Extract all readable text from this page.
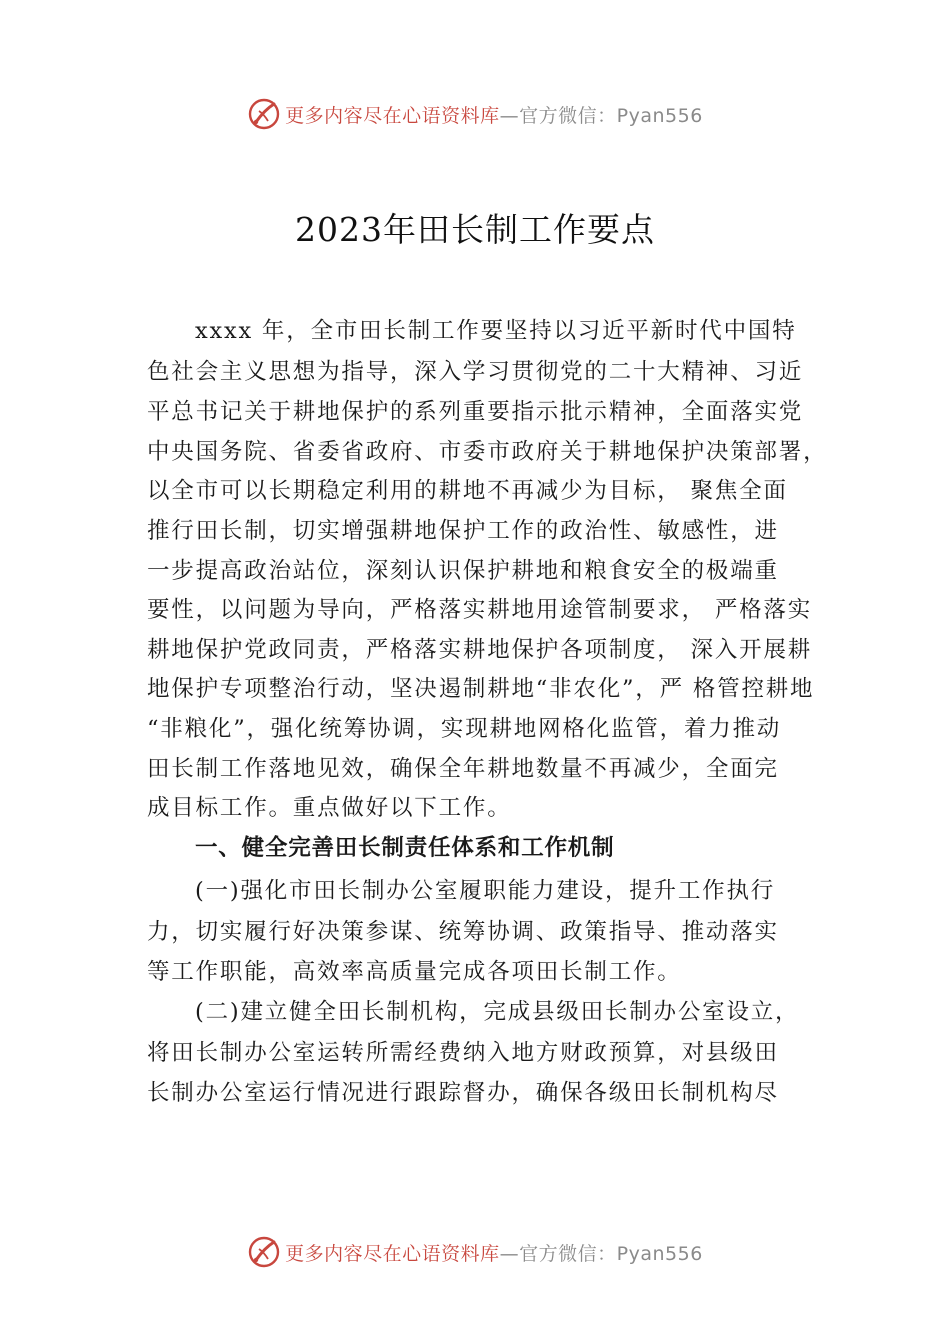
更多内容尽在心语资料库—官方微信：Pyan556
2023年田长制工作要点
xxxx 年，全市田长制工作要坚持以习近平新时代中国特
色社会主义思想为指导，深入学习贯彻党的二十大精神、习近
平总书记关于耕地保护的系列重要指示批示精神，全面落实党
中央国务院、省委省政府、市委市政府关于耕地保护决策部署，
以全市可以长期稳定利用的耕地不再减少为目标， 聚焦全面
推行田长制，切实增强耕地保护工作的政治性、敏感性，进
一步提高政治站位，深刻认识保护耕地和粮食安全的极端重
要性，以问题为导向，严格落实耕地用途管制要求， 严格落实
耕地保护党政同责，严格落实耕地保护各项制度， 深入开展耕
地保护专项整治行动，坚决遏制耕地“非农化”，严 格管控耕地
“非粮化”，强化统筹协调，实现耕地网格化监管，着力推动
田长制工作落地见效，确保全年耕地数量不再减少，全面完
成目标工作。重点做好以下工作。
一、健全完善田长制责任体系和工作机制
(一)强化市田长制办公室履职能力建设，提升工作执行
力，切实履行好决策参谋、统筹协调、政策指导、推动落实
等工作职能，高效率高质量完成各项田长制工作。
(二)建立健全田长制机构，完成县级田长制办公室设立，
将田长制办公室运转所需经费纳入地方财政预算，对县级田
长制办公室运行情况进行跟踪督办，确保各级田长制机构尽
更多内容尽在心语资料库—官方微信：Pyan556
